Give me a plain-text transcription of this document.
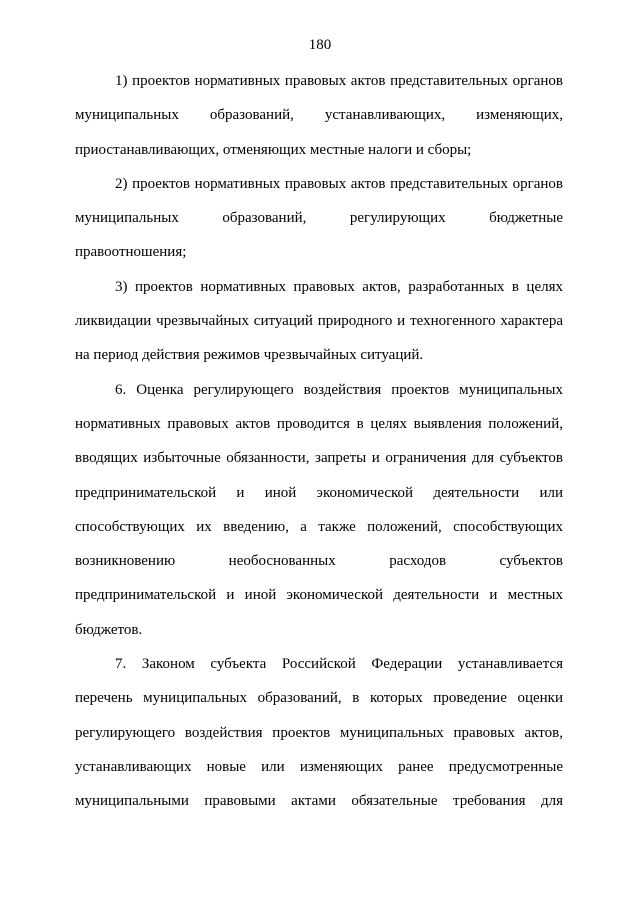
180
1) проектов нормативных правовых актов представительных органов
муниципальных образований, устанавливающих, изменяющих,
приостанавливающих, отменяющих местные налоги и сборы;
2) проектов нормативных правовых актов представительных органов
муниципальных образований, регулирующих бюджетные
правоотношения;
3) проектов нормативных правовых актов, разработанных в целях
ликвидации чрезвычайных ситуаций природного и техногенного характера
на период действия режимов чрезвычайных ситуаций.
6. Оценка регулирующего воздействия проектов муниципальных
нормативных правовых актов проводится в целях выявления положений,
вводящих избыточные обязанности, запреты и ограничения для субъектов
предпринимательской и иной экономической деятельности или
способствующих их введению, а также положений, способствующих
возникновению необоснованных расходов субъектов
предпринимательской и иной экономической деятельности и местных
бюджетов.
7. Законом субъекта Российской Федерации устанавливается
перечень муниципальных образований, в которых проведение оценки
регулирующего воздействия проектов муниципальных правовых актов,
устанавливающих новые или изменяющих ранее предусмотренные
муниципальными правовыми актами обязательные требования для
